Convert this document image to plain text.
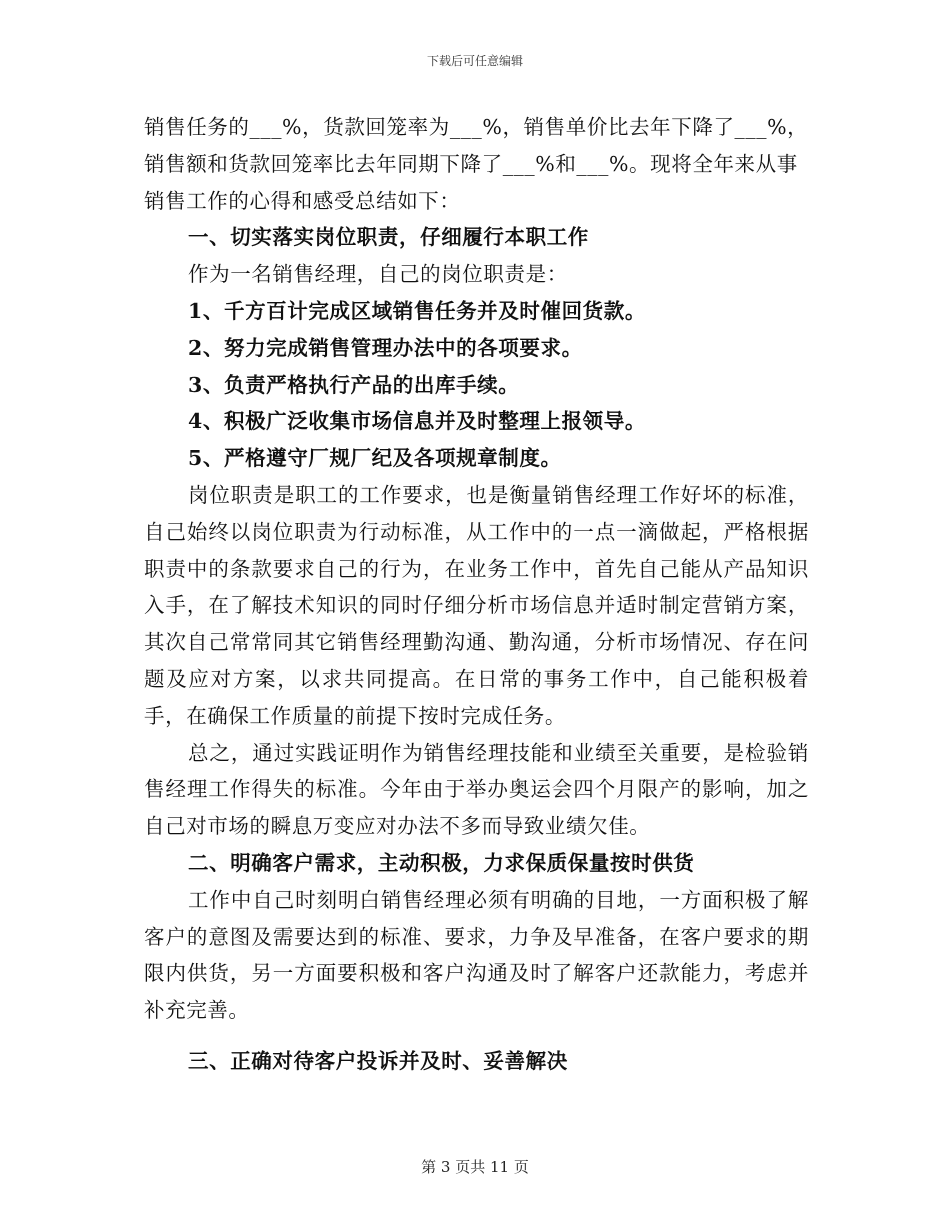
下载后可任意编辑
销售任务的___%，货款回笼率为___%，销售单价比去年下降了___%，
销售额和货款回笼率比去年同期下降了___%和___%。现将全年来从事
销售工作的心得和感受总结如下：
一、切实落实岗位职责，仔细履行本职工作
作为一名销售经理，自己的岗位职责是：
1、千方百计完成区域销售任务并及时催回货款。
2、努力完成销售管理办法中的各项要求。
3、负责严格执行产品的出库手续。
4、积极广泛收集市场信息并及时整理上报领导。
5、严格遵守厂规厂纪及各项规章制度。
岗位职责是职工的工作要求，也是衡量销售经理工作好坏的标准，自己始终以岗位职责为行动标准，从工作中的一点一滴做起，严格根据职责中的条款要求自己的行为，在业务工作中，首先自己能从产品知识入手，在了解技术知识的同时仔细分析市场信息并适时制定营销方案，其次自己常常同其它销售经理勤沟通、勤沟通，分析市场情况、存在问题及应对方案，以求共同提高。在日常的事务工作中，自己能积极着手，在确保工作质量的前提下按时完成任务。
总之，通过实践证明作为销售经理技能和业绩至关重要，是检验销售经理工作得失的标准。今年由于举办奥运会四个月限产的影响，加之自己对市场的瞬息万变应对办法不多而导致业绩欠佳。
二、明确客户需求，主动积极，力求保质保量按时供货
工作中自己时刻明白销售经理必须有明确的目地，一方面积极了解客户的意图及需要达到的标准、要求，力争及早准备，在客户要求的期限内供货，另一方面要积极和客户沟通及时了解客户还款能力，考虑并补充完善。
三、正确对待客户投诉并及时、妥善解决
第 3 页共 11 页
